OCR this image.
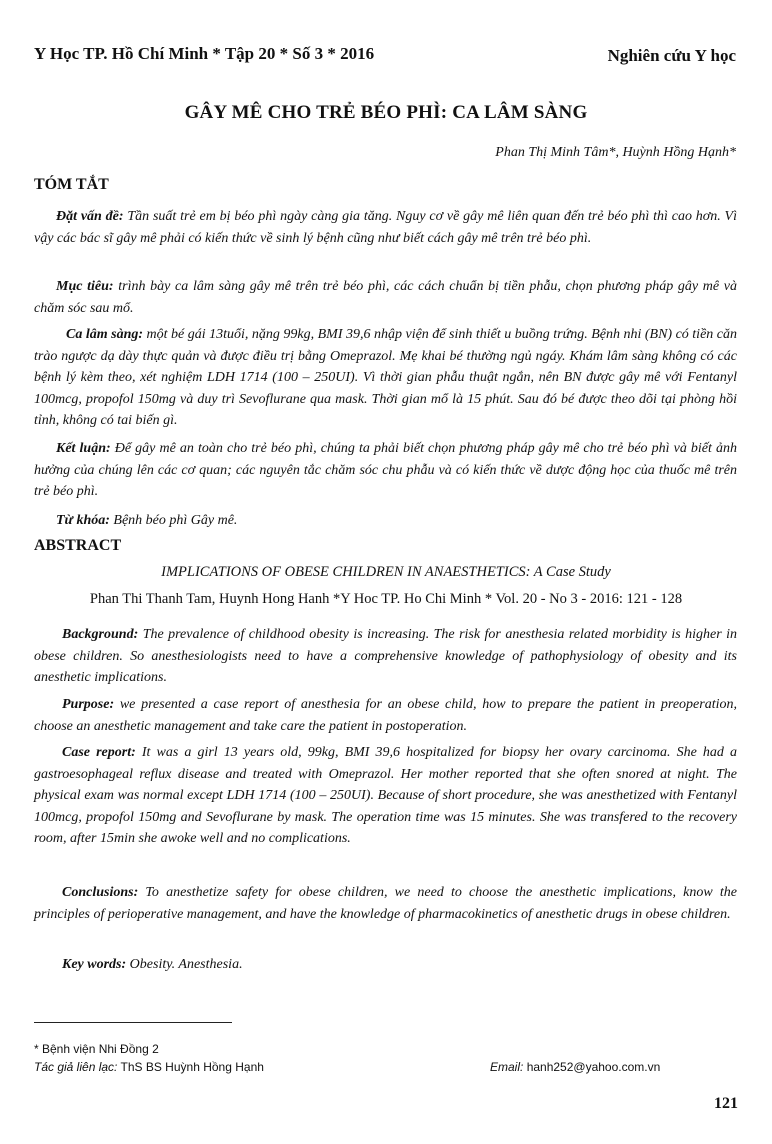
Y Học TP. Hồ Chí Minh * Tập 20 * Số 3 * 2016	Nghiên cứu Y học
GÂY MÊ CHO TRẺ BÉO PHÌ: CA LÂM SÀNG
Phan Thị Minh Tâm*, Huỳnh Hồng Hạnh*
TÓM TẮT

Đặt vấn đề: Tần suất trẻ em bị béo phì ngày càng gia tăng. Nguy cơ về gây mê liên quan đến trẻ béo phì thì cao hơn. Vì vậy các bác sĩ gây mê phải có kiến thức về sinh lý bệnh cũng như biết cách gây mê trên trẻ béo phì.

Mục tiêu: trình bày ca lâm sàng gây mê trên trẻ béo phì, các cách chuẩn bị tiền phẫu, chọn phương pháp gây mê và chăm sóc sau mổ.

Ca lâm sàng: một bé gái 13tuổi, nặng 99kg, BMI 39,6 nhập viện để sinh thiết u buồng trứng. Bệnh nhi (BN) có tiền căn trào ngược dạ dày thực quản và được điều trị bằng Omeprazol. Mẹ khai bé thường ngủ ngáy. Khám lâm sàng không có các bệnh lý kèm theo, xét nghiệm LDH 1714 (100 – 250UI). Vì thời gian phẫu thuật ngắn, nên BN được gây mê với Fentanyl 100mcg, propofol 150mg và duy trì Sevoflurane qua mask. Thời gian mổ là 15 phút. Sau đó bé được theo dõi tại phòng hồi tỉnh, không có tai biến gì.

Kết luận: Để gây mê an toàn cho trẻ béo phì, chúng ta phải biết chọn phương pháp gây mê cho trẻ béo phì và biết ảnh hưởng của chúng lên các cơ quan; các nguyên tắc chăm sóc chu phẫu và có kiến thức về dược động học của thuốc mê trên trẻ béo phì.

Từ khóa: Bệnh béo phì Gây mê.

ABSTRACT
IMPLICATIONS OF OBESE CHILDREN IN ANAESTHETICS: A Case Study
Phan Thi Thanh Tam, Huynh Hong Hanh *Y Hoc TP. Ho Chi Minh * Vol. 20 - No 3 - 2016: 121 - 128

Background: The prevalence of childhood obesity is increasing. The risk for anesthesia related morbidity is higher in obese children. So anesthesiologists need to have a comprehensive knowledge of pathophysiology of obesity and its anesthetic implications.

Purpose: we presented a case report of anesthesia for an obese child, how to prepare the patient in preoperation, choose an anesthetic management and take care the patient in postoperation.

Case report: It was a girl 13 years old, 99kg, BMI 39,6 hospitalized for biopsy her ovary carcinoma. She had a gastroesophageal reflux disease and treated with Omeprazol. Her mother reported that she often snored at night. The physical exam was normal except LDH 1714 (100 – 250UI). Because of short procedure, she was anesthetized with Fentanyl 100mcg, propofol 150mg and Sevoflurane by mask. The operation time was 15 minutes. She was transfered to the recovery room, after 15min she awoke well and no complications.

Conclusions: To anesthetize safety for obese children, we need to choose the anesthetic implications, know the principles of perioperative management, and have the knowledge of pharmacokinetics of anesthetic drugs in obese children.

Key words: Obesity. Anesthesia.

* Bệnh viện Nhi Đồng 2
Tác giả liên lạc: ThS BS Huỳnh Hồng Hạnh	Email: hanh252@yahoo.com.vn
121
